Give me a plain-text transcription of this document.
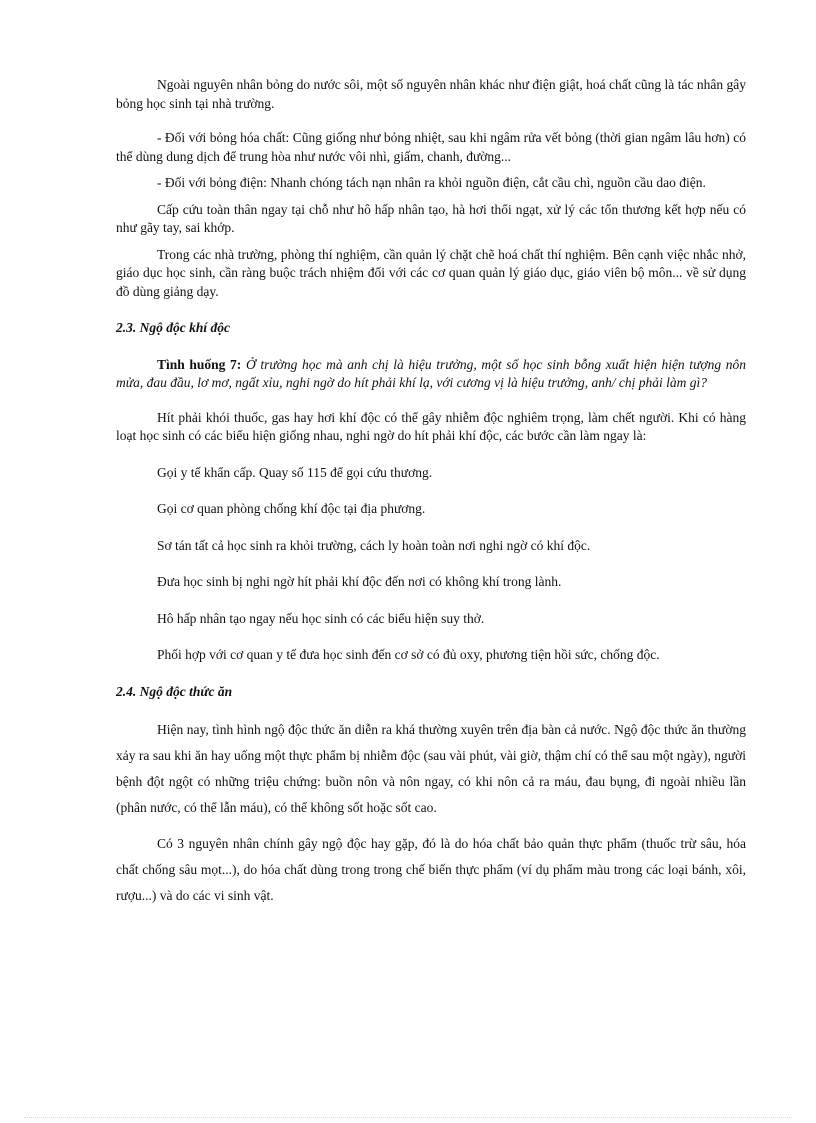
Ngoài nguyên nhân bỏng do nước sôi, một số nguyên nhân khác như điện giật, hoá chất cũng là tác nhân gây bỏng học sinh tại nhà trường.

- Đối với bỏng hóa chất: Cũng giống như bỏng nhiệt, sau khi ngâm rửa vết bỏng (thời gian ngâm lâu hơn) có thể dùng dung dịch để trung hòa như nước vôi nhì, giấm, chanh, đường...

- Đối với bỏng điện: Nhanh chóng tách nạn nhân ra khỏi nguồn điện, cắt cầu chì, nguồn cầu dao điện.

Cấp cứu toàn thân ngay tại chỗ như hô hấp nhân tạo, hà hơi thổi ngạt, xử lý các tổn thương kết hợp nếu có như gãy tay, sai khớp.

Trong các nhà trường, phòng thí nghiệm, cần quản lý chặt chẽ hoá chất thí nghiệm. Bên cạnh việc nhắc nhở, giáo dục học sinh, cần ràng buộc trách nhiệm đối với các cơ quan quản lý giáo dục, giáo viên bộ môn... về sử dụng đồ dùng giảng dạy.

2.3. Ngộ độc khí độc

Tình huống 7: Ở trường học mà anh chị là hiệu trưởng, một số học sinh bỗng xuất hiện hiện tượng nôn mửa, đau đầu, lơ mơ, ngất xỉu, nghi ngờ do hít phải khí lạ, với cương vị là hiệu trưởng, anh/ chị phải làm gì?

Hít phải khói thuốc, gas hay hơi khí độc có thể gây nhiễm độc nghiêm trọng, làm chết người. Khi có hàng loạt học sinh có các biểu hiện giống nhau, nghi ngờ do hít phải khí độc, các bước cần làm ngay là:

Gọi y tế khẩn cấp. Quay số 115 để gọi cứu thương.

Gọi cơ quan phòng chống khí độc tại địa phương.

Sơ tán tất cả học sinh ra khỏi trường, cách ly hoàn toàn nơi nghi ngờ có khí độc.

Đưa học sinh bị nghi ngờ hít phải khí độc đến nơi có không khí trong lành.

Hô hấp nhân tạo ngay nếu học sinh có các biểu hiện suy thở.

Phối hợp với cơ quan y tế đưa học sinh đến cơ sở có đủ oxy, phương tiện hồi sức, chống độc.

2.4. Ngộ độc thức ăn

Hiện nay, tình hình ngộ độc thức ăn diễn ra khá thường xuyên trên địa bàn cả nước. Ngộ độc thức ăn thường xảy ra sau khi ăn hay uống một thực phẩm bị nhiễm độc (sau vài phút, vài giờ, thậm chí có thể sau một ngày), người bệnh đột ngột có những triệu chứng: buồn nôn và nôn ngay, có khi nôn cả ra máu, đau bụng, đi ngoài nhiều lần (phân nước, có thể lẫn máu), có thể không sốt hoặc sốt cao.

Có 3 nguyên nhân chính gây ngộ độc hay gặp, đó là do hóa chất bảo quản thực phẩm (thuốc trừ sâu, hóa chất chống sâu mọt...), do hóa chất dùng trong trong chế biến thực phẩm (ví dụ phẩm màu trong các loại bánh, xôi, rượu...) và do các vi sinh vật.
